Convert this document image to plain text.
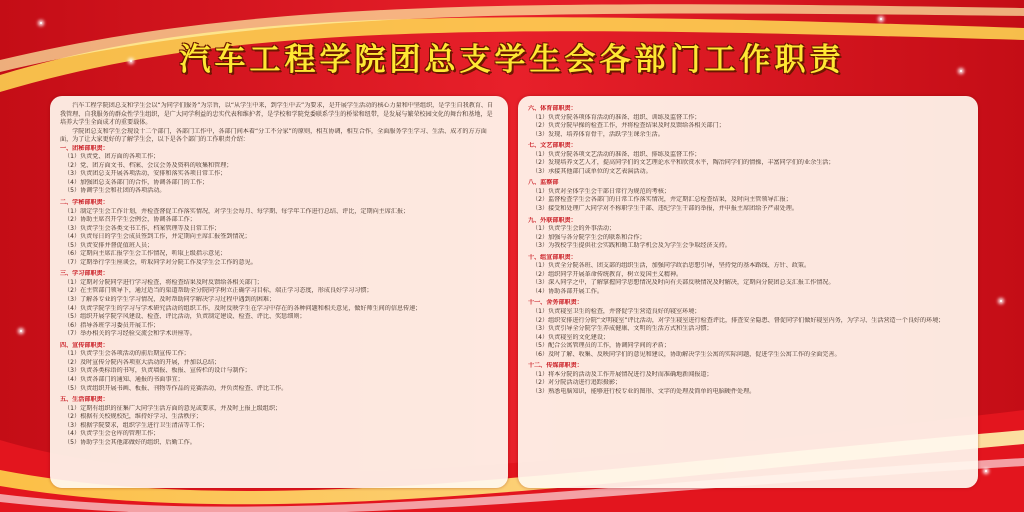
汽车工程学院团总支学生会各部门工作职责

汽车工程学院团总支和学生会以“为同学们服务”为宗旨，以“从学生中来，到学生中去”为要求，是开展学生活动的核心力量和中坚组织，是学生自我教育、自我管理、自我服务的群众性学生组织，是广大同学利益的忠实代表和维护者，是学校和学院党委联系学生的桥梁和纽带，是发展与繁荣校园文化的舞台和基地，是培养大学生全面成才的重要载体。

学院团总支和学生会现设十二个部门，各部门工作中，各部门间本着“分工不分家”的原则，相互协调，相互合作，全面服务学生学习、生活、成才的方方面面，为了让大家更好的了解学生会，以下是各个部门的工作职责介绍：

一、团秘部职责：

（1）负责党、团方面的各项工作；

（2）党、团方面文书、档案、会议会务及资料的收集和管理；

（3）负责团总支开展各项活动，安排和落实各项日常工作；

（4）加强团总支各部门的合作，协调各部门的工作；

（5）协调学生会和社团的各项活动。

二、学秘部职责：

（1）制定学生会工作计划，并检查督促工作落实情况，对学生会每月、每学期、每学年工作进行总结、评比，定期向主席汇报；

（2）协助主席召开学生会例会，协调各部工作；

（3）负责学生会各类文书工作，档案管理等及日常工作；

（4）负责每日的学生会成员签到工作，并定期向主席汇报签到情况；

（5）负责安排并督促值班人员；

（6）定期向主席汇报学生会工作情况，听取上级指示意见；

（7）定期举行学生座谈会，听取同学对分院工作及学生会工作的意见。

三、学习部职责：

（1）定期对分院同学进行学习检查，将检查结果及时反馈给各相关部门；

（2）在主管部门领导下，通过适当的渠道帮助全分院同学树立正确学习目标，端正学习态度，形成良好学习习惯；

（3）了解各专业的学生学习情况，及时帮助同学解决学习过程中遇到的困难；

（4）负责学院学生的学习与学术研究活动的组织工作，及时反映学生在学习中存在的各种问题和相关意见，做好师生间的信息传递；

（5）组织开展学院学风建设、检查、评比活动，负责制定建设、检查、评比、奖惩细则；

（6）指导各班学习委员开展工作；

（7）举办相关的学习经验交流会和学术讲座等。

四、宣传部职责：

（1）负责学生会各项活动的前后期宣传工作；

（2）及时宣传分院内各项重大活动的开展，并加以总结；

（3）负责各类标语的书写，负责墙报、板报、宣传栏的设计与制作；

（4）负责各部门的通知、通报的书面事宜；

（5）负责组织开展书画、板报、刊物等作品的竞赛活动，并负责检查、评比工作。

五、生活部职责：

（1）定期有组织的征集广大同学生活方面的意见或要求，并及时上报上级组织；

（2）根据有关校规校纪，维持好学习、生活秩序；

（3）根据学院要求，组织学生进行卫生清洁等工作；

（4）负责学生会仓库的管理工作；

（5）协助学生会其他部做好的组织、后勤工作。

六、体育部职责：

（1）负责分院各项体育活动的准备、组织、训练及监督工作；

（2）负责分院早操的检查工作，并将检查结果及时反馈给各相关部门；

（3）发现、培养体育骨干，活跃学生课余生活。

七、文艺部职责：

（1）负责分院各项文艺活动的准备、组织、排练及监督工作；

（2）发现培养文艺人才，提高同学们的文艺理论水平和欣赏水平，陶冶同学们的情操，丰富同学们的业余生活；

（3）承接其他部门或单位的文艺表演活动。

八、监察部

（1）负责对全体学生会干部日常行为规范的考核；

（2）监督检查学生会各部门的日常工作落实情况，并定期汇总检查结果，及时向主管领导汇报；

（3）接受和处理广大同学对不称职学生干部、违纪学生干部的举报，并申报主席团给予严肃处理。

九、外联部职责：

（1）负责学生会的外事活动；

（2）加强与各分院学生会的联系和合作；

（3）为我校学生提供社会实践和勤工助学机会及为学生会争取经济支持。

十、组宣部职责：

（1）负责全分院各班、团支部的组织生活，加强同学政治思想引导，坚持党的基本路线、方针、政策。

（2）组织同学开展革命传统教育，树立爱国主义精神。

（3）深入同学之中，了解掌握同学思想情况及时向有关部反映情况及时解决，定期向分院团总支汇报工作情况。

（4）协助各部开展工作。

十一、舍务部职责：

（1）负责寝室卫生的检查，并督促学生营造良好的寝室环境；

（2）组织安排进行分院“文明寝室”评比活动，对学生寝室进行检查评比，排查安全隐患、督促同学们做好寝室内务，为学习、生活营造一个良好的环境；

（3）负责引导全分院学生养成健康、文明的生活方式和生活习惯；

（4）负责寝室的文化建设；

（5）配合公寓管理员的工作，协调同学间的矛盾；

（6）及时了解、收集、反映同学们的意见和建议，协助解决学生公寓的实际问题，促进学生公寓工作的全面完善。

十二、传媒部职责：

（1）将本分院的活动及工作开展情况进行及时而准确地新闻报道；

（2）对分院活动进行追踪摄影；

（3）熟悉电脑知识，能够进行校专业的图形、文字的处理及简单的电脑硬件处理。
